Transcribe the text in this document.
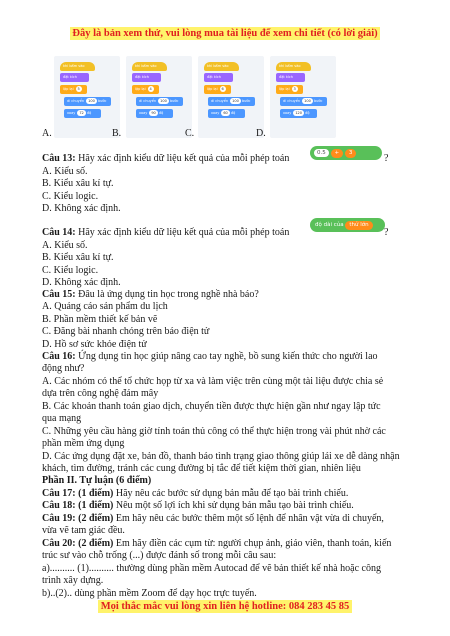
Đây là bản xem thử, vui lòng mua tài liệu để xem chi tiết (có lời giải)
A.
khi bấm vào
đặt kích
lặp lại 5
di chuyển 100 bước
xoay 72 độ
B.
khi bấm vào
đặt kích
lặp lại 4
di chuyển 100 bước
xoay 90 độ
C.
khi bấm vào
đặt kích
lặp lại 6
di chuyển 100 bước
xoay 60 độ
D.
khi bấm vào
đặt kích
lặp lại 3
di chuyển 100 bước
xoay 120 độ
Câu 13: Hãy xác định kiểu dữ liệu kết quả của mỗi phép toán	0.5 + 3	?
A. Kiểu số.
B. Kiểu xâu kí tự.
C. Kiểu logic.
D. Không xác định.
Câu 14: Hãy xác định kiểu dữ liệu kết quả của mỗi phép toán
độ dài của thử lớn
?
A. Kiểu số.
B. Kiểu xâu kí tự.
C. Kiểu logic.
D. Không xác định.
Câu 15: Đâu là ứng dụng tin học trong nghề nhà báo?
A. Quảng cáo sản phẩm du lịch
B. Phần mềm thiết kế bản vẽ
C. Đăng bài nhanh chóng trên báo điện tử
D. Hồ sơ sức khỏe điện tử
Câu 16: Ứng dụng tin học giúp nâng cao tay nghề, bồ sung kiến thức cho người lao
động như?
A. Các nhóm có thể tổ chức họp từ xa và làm việc trên cùng một tài liệu được chia sẻ
dựa trên công nghệ đám mây
B. Các khoản thanh toán giao dịch, chuyển tiền được thực hiện gần như ngay lập tức
qua mạng
C. Những yêu cầu hàng giờ tính toán thủ công có thể thực hiện trong vài phút nhờ các
phần mềm ứng dụng
D. Các ứng dụng đặt xe, bản đồ, thanh báo tình trạng giao thông giúp lái xe dễ dàng nhận
khách, tìm đường, tránh các cung đường bị tắc để tiết kiệm thời gian, nhiên liệu
Phần II. Tự luận (6 điểm)
Câu 17: (1 điểm) Hãy nêu các bước sử dụng bản mẫu để tạo bài trình chiếu.
Câu 18: (1 điểm) Nêu một số lợi ích khi sử dụng bản mẫu tạo bài trình chiếu.
Câu 19: (2 điểm) Em hãy nêu các bước thêm một số lệnh để nhân vật vừa di chuyển,
vừa vẽ tam giác đều.
Câu 20: (2 điểm) Em hãy điền các cụm từ: người chụp ảnh, giáo viên, thanh toán, kiến
trúc sư vào chỗ trống (...) được đánh số trong mỗi câu sau:
a).......... (1).......... thường dùng phần mềm Autocad để vẽ bản thiết kế nhà hoặc công
trình xây dựng.
b)..(2).. dùng phần mềm Zoom để dạy học trực tuyến.
Mọi thắc mắc vui lòng xin liên hệ hotline: 084 283 45 85
